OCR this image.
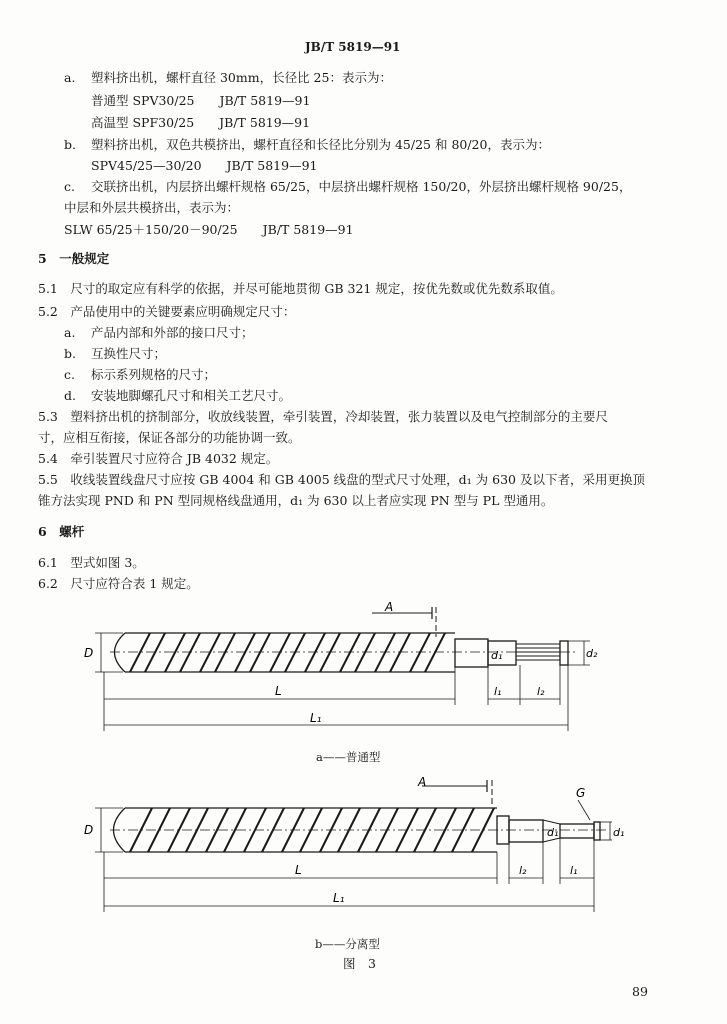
JB/T 5819—91
a. 塑料挤出机，螺杆直径 30mm，长径比 25：表示为：
普通型 SPV30/25　　JB/T 5819—91
高温型 SPF30/25　　JB/T 5819—91
b. 塑料挤出机，双色共模挤出，螺杆直径和长径比分别为 45/25 和 80/20，表示为：
SPV45/25—30/20　　JB/T 5819—91
c. 交联挤出机，内层挤出螺杆规格 65/25，中层挤出螺杆规格 150/20，外层挤出螺杆规格 90/25，
中层和外层共模挤出，表示为：
SLW 65/25＋150/20－90/25　　JB/T 5819—91
5　一般规定
5.1　尺寸的取定应有科学的依据，并尽可能地贯彻 GB 321 规定，按优先数或优先数系取值。
5.2　产品使用中的关键要素应明确规定尺寸：
a. 产品内部和外部的接口尺寸；
b. 互换性尺寸；
c. 标示系列规格的尺寸；
d. 安装地脚螺孔尺寸和相关工艺尺寸。
5.3　塑料挤出机的挤制部分，收放线装置，牵引装置，冷却装置，张力装置以及电气控制部分的主要尺
寸，应相互衔接，保证各部分的功能协调一致。
5.4　牵引装置尺寸应符合 JB 4032 规定。
5.5　收线装置线盘尺寸应按 GB 4004 和 GB 4005 线盘的型式尺寸处理，d₁ 为 630 及以下者，采用更换顶
锥方法实现 PND 和 PN 型同规格线盘通用，d₁ 为 630 以上者应实现 PN 型与 PL 型通用。
6　螺杆
6.1　型式如图 3。
6.2　尺寸应符合表 1 规定。
A
D	d₁	d₂
l₁	l₂
L
L₁
a——普通型
A
G
D	d₁	d₁
l₂	l₁
L
L₁
b——分离型
图　3
89
